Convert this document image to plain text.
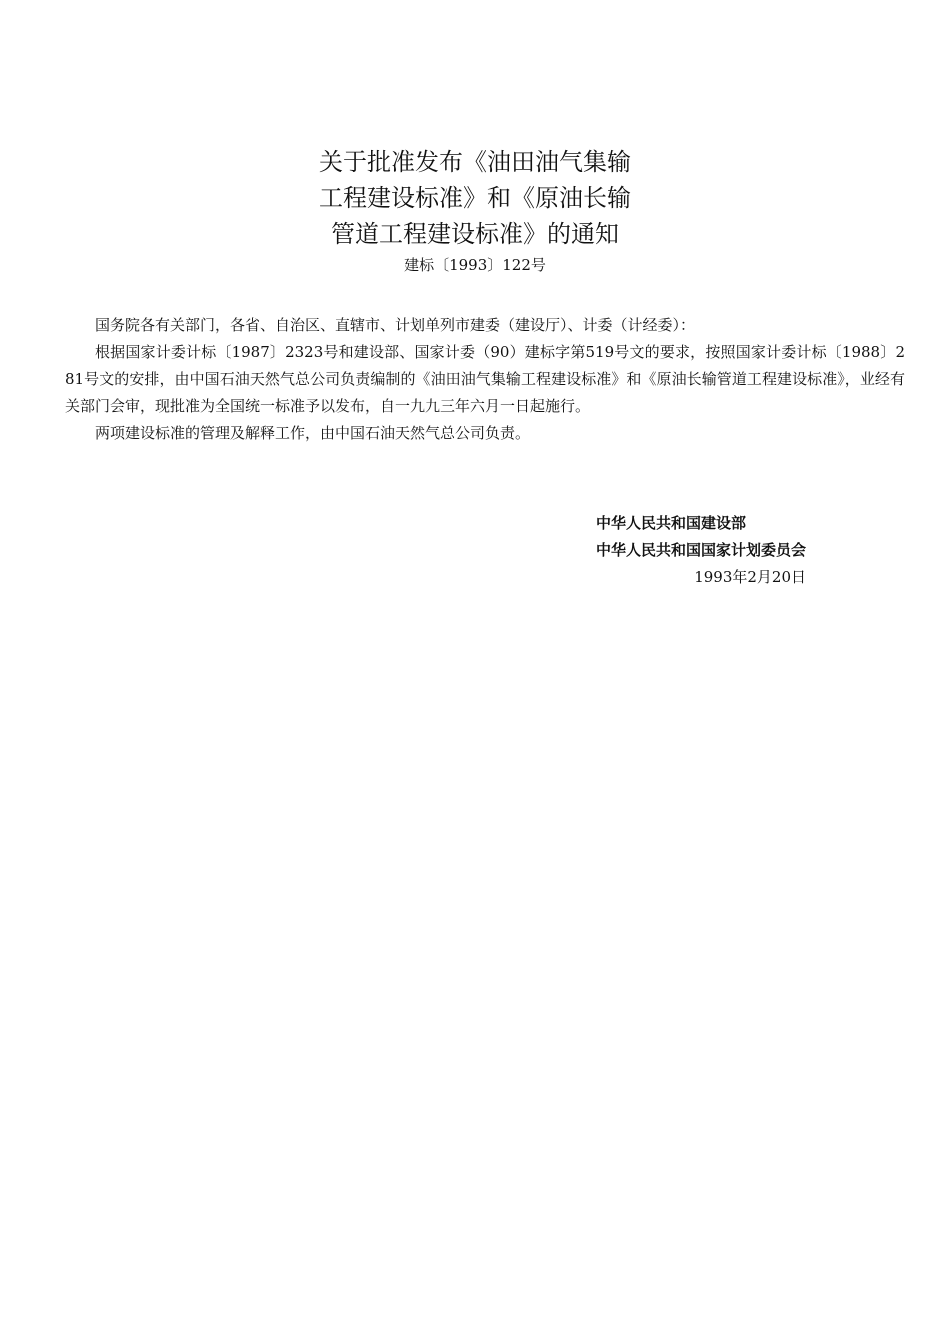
关于批准发布《油田油气集输
工程建设标准》和《原油长输
管道工程建设标准》的通知
建标〔1993〕122号

国务院各有关部门，各省、自治区、直辖市、计划单列市建委（建设厅）、计委（计经委）：

根据国家计委计标〔1987〕2323号和建设部、国家计委（90）建标字第519号文的要求，按照国家计委计标〔1988〕281号文的安排，由中国石油天然气总公司负责编制的《油田油气集输工程建设标准》和《原油长输管道工程建设标准》，业经有关部门会审，现批准为全国统一标准予以发布，自一九九三年六月一日起施行。

两项建设标准的管理及解释工作，由中国石油天然气总公司负责。

中华人民共和国建设部
中华人民共和国国家计划委员会
1993年2月20日
